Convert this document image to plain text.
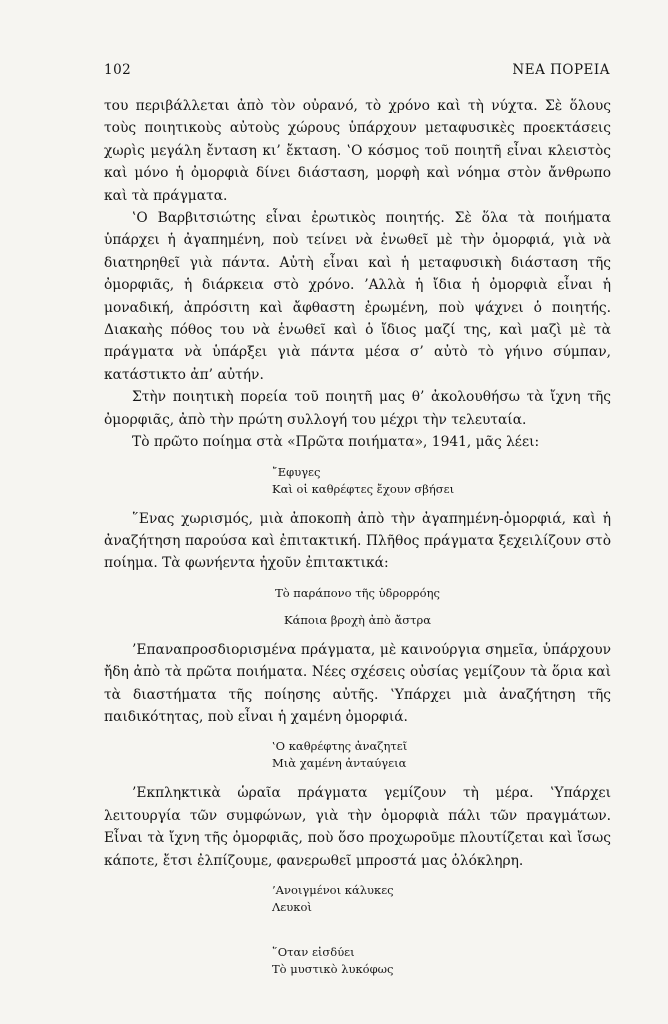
102	ΝΕΑ ΠΟΡΕΙΑ

του περιβάλλεται ἀπὸ τὸν οὐρανό, τὸ χρόνο καὶ τὴ νύχτα. Σὲ ὅλους τοὺς ποιητικοὺς αὐτοὺς χώρους ὑπάρχουν μεταφυσικὲς προεκτάσεις χωρὶς μεγάλη ἔνταση κι’ ἔκταση. ‛Ο κόσμος τοῦ ποιητῆ εἶναι κλειστὸς καὶ μόνο ἡ ὀμορφιὰ δίνει διάσταση, μορφὴ καὶ νόημα στὸν ἄνθρωπο καὶ τὰ πράγματα.

‛Ο Βαρβιτσιώτης εἶναι ἐρωτικὸς ποιητής. Σὲ ὅλα τὰ ποιήματα ὑπάρχει ἡ ἀγαπημένη, ποὺ τείνει νὰ ἑνωθεῖ μὲ τὴν ὀμορφιά, γιὰ νὰ διατηρηθεῖ γιὰ πάντα. Αὐτὴ εἶναι καὶ ἡ μεταφυσικὴ διάσταση τῆς ὀμορφιᾶς, ἡ διάρκεια στὸ χρόνο. ’Αλλὰ ἡ ἴδια ἡ ὀμορφιὰ εἶναι ἡ μοναδική, ἀπρόσιτη καὶ ἄφθαστη ἐρωμένη, ποὺ ψάχνει ὁ ποιητής. Διακαὴς πόθος του νὰ ἑνωθεῖ καὶ ὁ ἴδιος μαζί της, καὶ μαζὶ μὲ τὰ πράγματα νὰ ὑπάρξει γιὰ πάντα μέσα σ’ αὐτὸ τὸ γήινο σύμπαν, κατάστικτο ἀπ’ αὐτήν.

Στὴν ποιητικὴ πορεία τοῦ ποιητῆ μας θ’ ἀκολουθήσω τὰ ἴχνη τῆς ὀμορφιᾶς, ἀπὸ τὴν πρώτη συλλογή του μέχρι τὴν τελευταία.

Τὸ πρῶτο ποίημα στὰ «Πρῶτα ποιήματα», 1941, μᾶς λέει:

῎Εφυγες
Καὶ οἱ καθρέφτες ἔχουν σβήσει

῞Ενας χωρισμός, μιὰ ἀποκοπὴ ἀπὸ τὴν ἀγαπημένη-ὀμορφιά, καὶ ἡ ἀναζήτηση παρούσα καὶ ἐπιτακτική. Πλῆθος πράγματα ξεχειλίζουν στὸ ποίημα. Τὰ φωνήεντα ἠχοῦν ἐπιτακτικά:

Τὸ παράπονο τῆς ὑδρορρόης
Κάποια βροχὴ ἀπὸ ἄστρα

’Επαναπροσδιορισμένα πράγματα, μὲ καινούργια σημεῖα, ὑπάρχουν ἤδη ἀπὸ τὰ πρῶτα ποιήματα. Νέες σχέσεις οὐσίας γεμίζουν τὰ ὅρια καὶ τὰ διαστήματα τῆς ποίησης αὐτῆς. ‛Υπάρχει μιὰ ἀναζήτηση τῆς παιδικότητας, ποὺ εἶναι ἡ χαμένη ὀμορφιά.

‛Ο καθρέφτης ἀναζητεῖ
Μιὰ χαμένη ἀνταύγεια

’Εκπληκτικὰ ὡραῖα πράγματα γεμίζουν τὴ μέρα. ‛Υπάρχει λειτουργία τῶν συμφώνων, γιὰ τὴν ὀμορφιὰ πάλι τῶν πραγμάτων. Εἶναι τὰ ἴχνη τῆς ὀμορφιᾶς, ποὺ ὅσο προχωροῦμε πλουτίζεται καὶ ἴσως κάποτε, ἔτσι ἐλπίζουμε, φανερωθεῖ μπροστά μας ὁλόκληρη.

’Ανοιγμένοι κάλυκες
Λευκοὶ
῞Οταν εἰσδύει
Τὸ μυστικὸ λυκόφως
